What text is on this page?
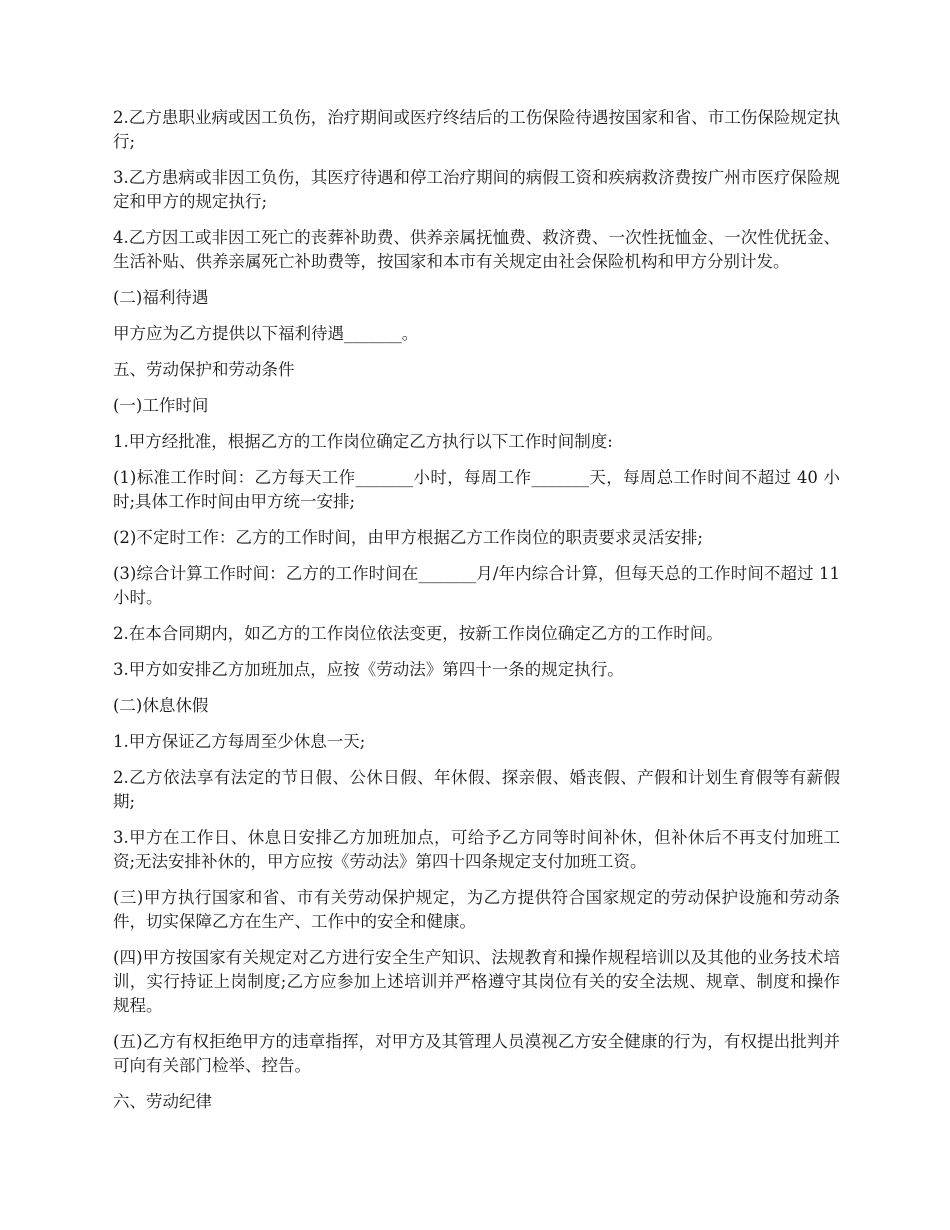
2.乙方患职业病或因工负伤，治疗期间或医疗终结后的工伤保险待遇按国家和省、市工伤保险规定执行;

3.乙方患病或非因工负伤，其医疗待遇和停工治疗期间的病假工资和疾病救济费按广州市医疗保险规定和甲方的规定执行;

4.乙方因工或非因工死亡的丧葬补助费、供养亲属抚恤费、救济费、一次性抚恤金、一次性优抚金、生活补贴、供养亲属死亡补助费等，按国家和本市有关规定由社会保险机构和甲方分别计发。

(二)福利待遇

甲方应为乙方提供以下福利待遇_______。

五、劳动保护和劳动条件

(一)工作时间

1.甲方经批准，根据乙方的工作岗位确定乙方执行以下工作时间制度:

(1)标准工作时间：乙方每天工作_______小时，每周工作_______天，每周总工作时间不超过 40 小时;具体工作时间由甲方统一安排;

(2)不定时工作：乙方的工作时间，由甲方根据乙方工作岗位的职责要求灵活安排;

(3)综合计算工作时间：乙方的工作时间在_______月/年内综合计算，但每天总的工作时间不超过 11 小时。

2.在本合同期内，如乙方的工作岗位依法变更，按新工作岗位确定乙方的工作时间。

3.甲方如安排乙方加班加点，应按《劳动法》第四十一条的规定执行。

(二)休息休假

1.甲方保证乙方每周至少休息一天;

2.乙方依法享有法定的节日假、公休日假、年休假、探亲假、婚丧假、产假和计划生育假等有薪假期;

3.甲方在工作日、休息日安排乙方加班加点，可给予乙方同等时间补休，但补休后不再支付加班工资;无法安排补休的，甲方应按《劳动法》第四十四条规定支付加班工资。

(三)甲方执行国家和省、市有关劳动保护规定，为乙方提供符合国家规定的劳动保护设施和劳动条件，切实保障乙方在生产、工作中的安全和健康。

(四)甲方按国家有关规定对乙方进行安全生产知识、法规教育和操作规程培训以及其他的业务技术培训，实行持证上岗制度;乙方应参加上述培训并严格遵守其岗位有关的安全法规、规章、制度和操作规程。

(五)乙方有权拒绝甲方的违章指挥，对甲方及其管理人员漠视乙方安全健康的行为，有权提出批判并可向有关部门检举、控告。

六、劳动纪律
